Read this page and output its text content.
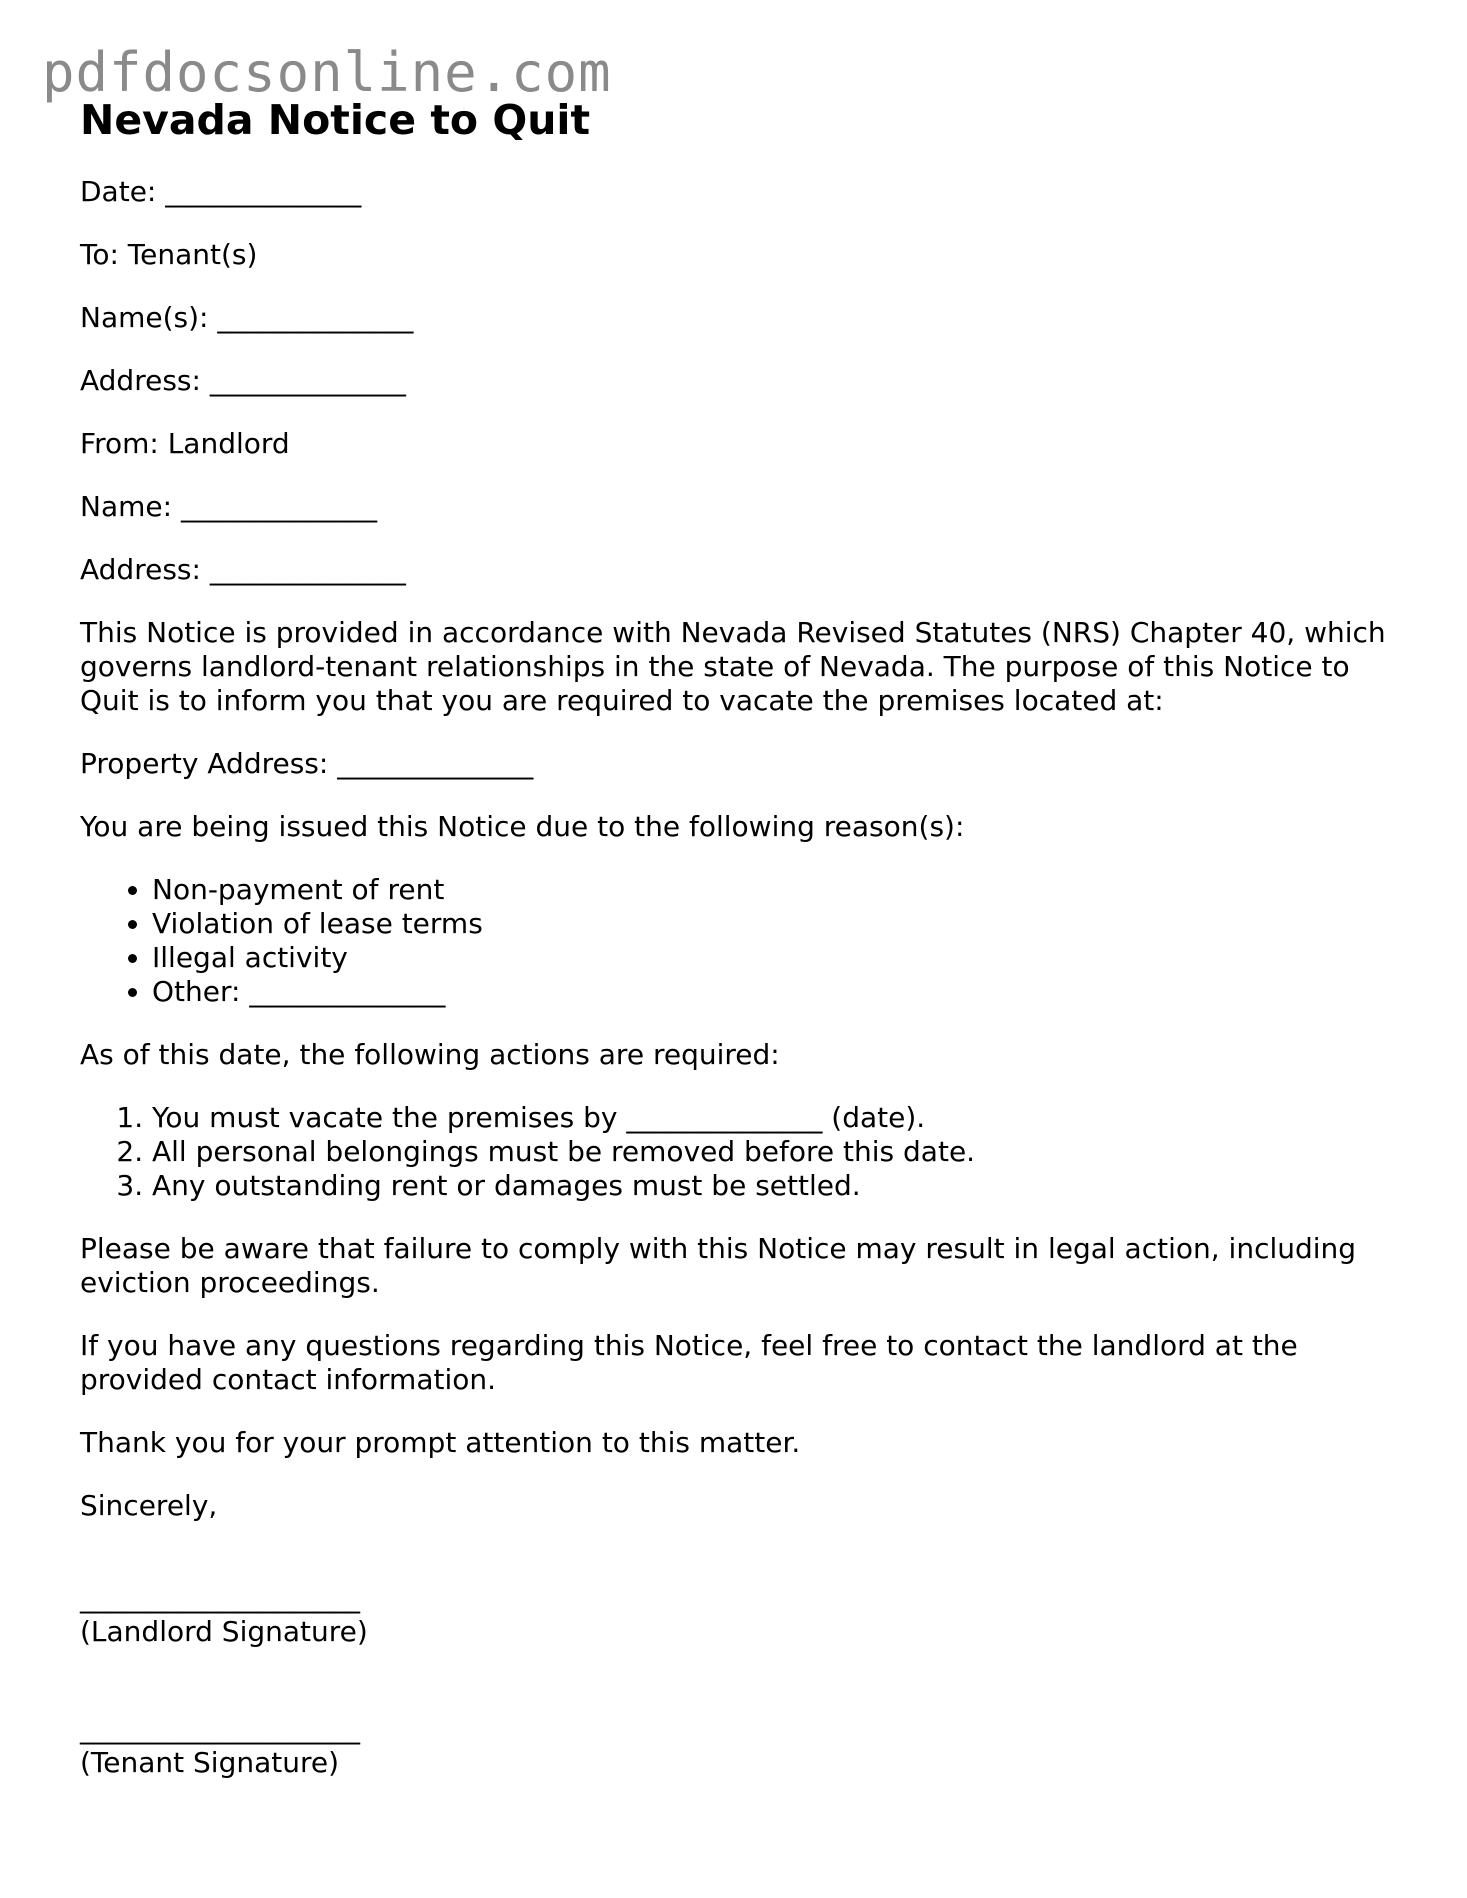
pdfdocsonline.com
Nevada Notice to Quit

Date: ______________

To: Tenant(s)

Name(s): ______________

Address: ______________

From: Landlord

Name: ______________

Address: ______________

This Notice is provided in accordance with Nevada Revised Statutes (NRS) Chapter 40, which governs landlord-tenant relationships in the state of Nevada. The purpose of this Notice to Quit is to inform you that you are required to vacate the premises located at:

Property Address: ______________

You are being issued this Notice due to the following reason(s):

• Non-payment of rent
• Violation of lease terms
• Illegal activity
• Other: ______________

As of this date, the following actions are required:

1. You must vacate the premises by ______________ (date).
2. All personal belongings must be removed before this date.
3. Any outstanding rent or damages must be settled.

Please be aware that failure to comply with this Notice may result in legal action, including eviction proceedings.

If you have any questions regarding this Notice, feel free to contact the landlord at the provided contact information.

Thank you for your prompt attention to this matter.

Sincerely,

____________________
(Landlord Signature)
____________________
(Tenant Signature)
